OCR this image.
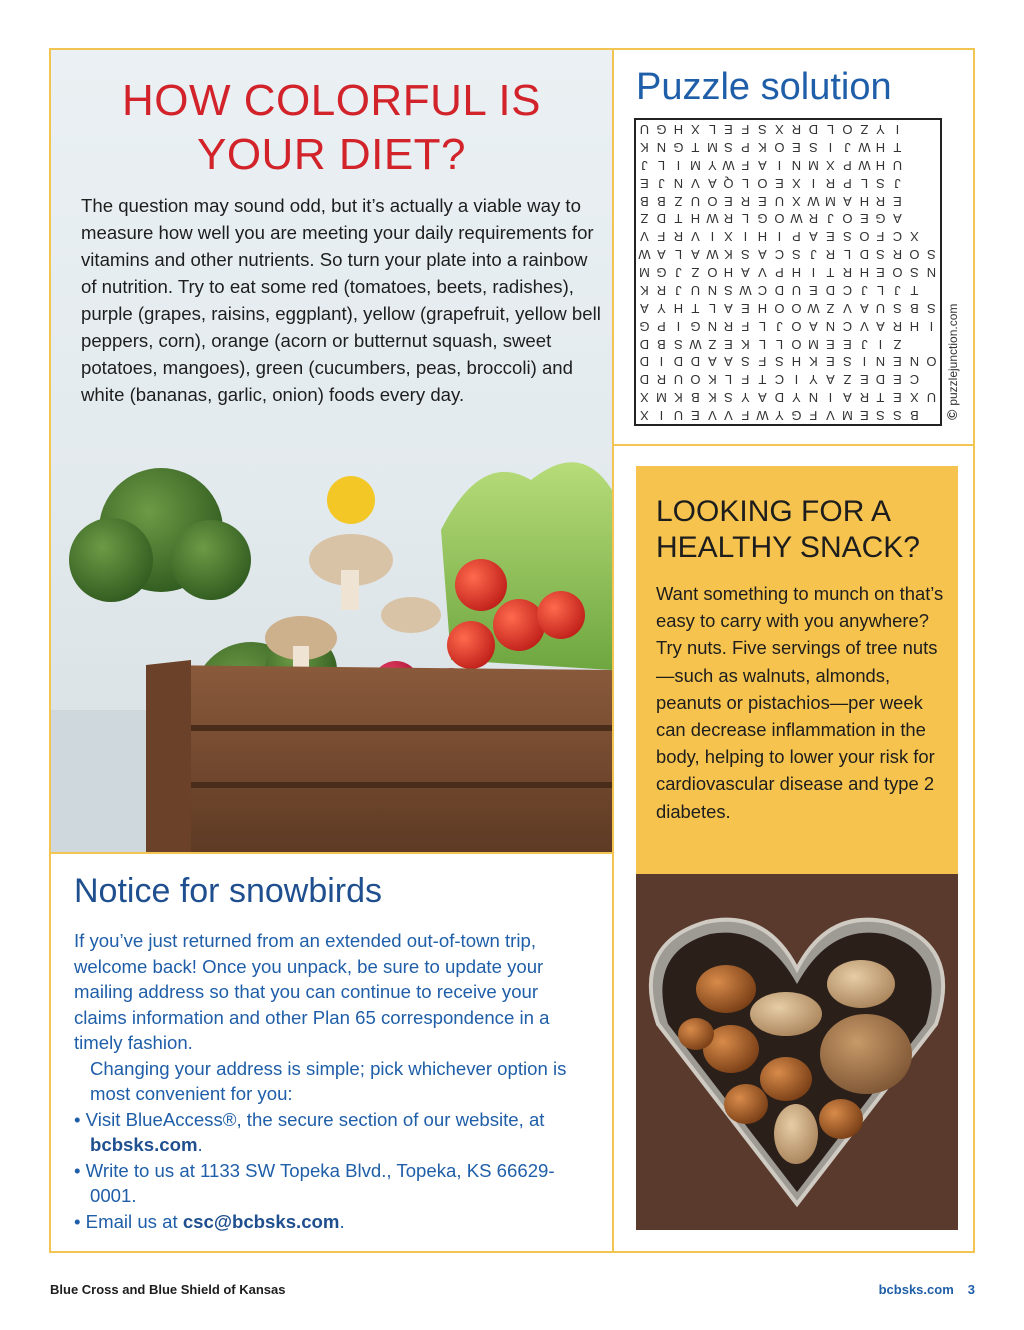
HOW COLORFUL IS
YOUR DIET?

The question may sound odd, but it’s actually a viable way to measure how well you are meeting your daily requirements for vitamins and other nutrients. So turn your plate into a rainbow of nutrition. Try to eat some red (tomatoes, beets, radishes), purple (grapes, raisins, eggplant), yellow (grapefruit, yellow bell peppers, corn), orange (acorn or butternut squash, sweet potatoes, mangoes), green (cucumbers, peas, broccoli) and white (bananas, garlic, onion) foods every day.

Puzzle solution
U G H X L E F S X R D L O Z Y I
K N G T M S P K O E S I J W H T
J L I M Y W F A I N M X P W H U
E J N V A Q L O E X I R P L S J
B B Z U O E R E U X W M A H R E
Z D T H W R L G O W R J O E G A
V F R V I X I H I P A E S O F C X
W A L A W K S A C S J R L D S R O S
M G J Z O H A V P H I T R H E O S N
K R J U N S W C D U E D C J L J T
A Y H T L A E H O O W Z V A U S B S
G P I G N R F L J O A N C V A R H I
D B S W Z E K L L O M E E J I Z
D I D D A A S F S H K E S I N E N O
D R U O K L F T C I Y A Z E D E C
X M K B K S Y A D Y N I A R T E X U
X I U E V V F W Y G F V M E S S B ©puzzlejunction.com
LOOKING FOR A HEALTHY SNACK?

Want something to munch on that’s easy to carry with you anywhere? Try nuts. Five servings of tree nuts—such as walnuts, almonds, peanuts or pistachios—per week can decrease inflammation in the body, helping to lower your risk for cardiovascular disease and type 2 diabetes.

Notice for snowbirds

If you’ve just returned from an extended out-of-town trip, welcome back! Once you unpack, be sure to update your mailing address so that you can continue to receive your claims information and other Plan 65 correspondence in a timely fashion.

Changing your address is simple; pick whichever option is most convenient for you:

• Visit BlueAccess®, the secure section of our website, at bcbsks.com.

• Write to us at 1133 SW Topeka Blvd., Topeka, KS 66629-0001.

• Email us at csc@bcbsks.com.

Blue Cross and Blue Shield of Kansas	bcbsks.com 3
